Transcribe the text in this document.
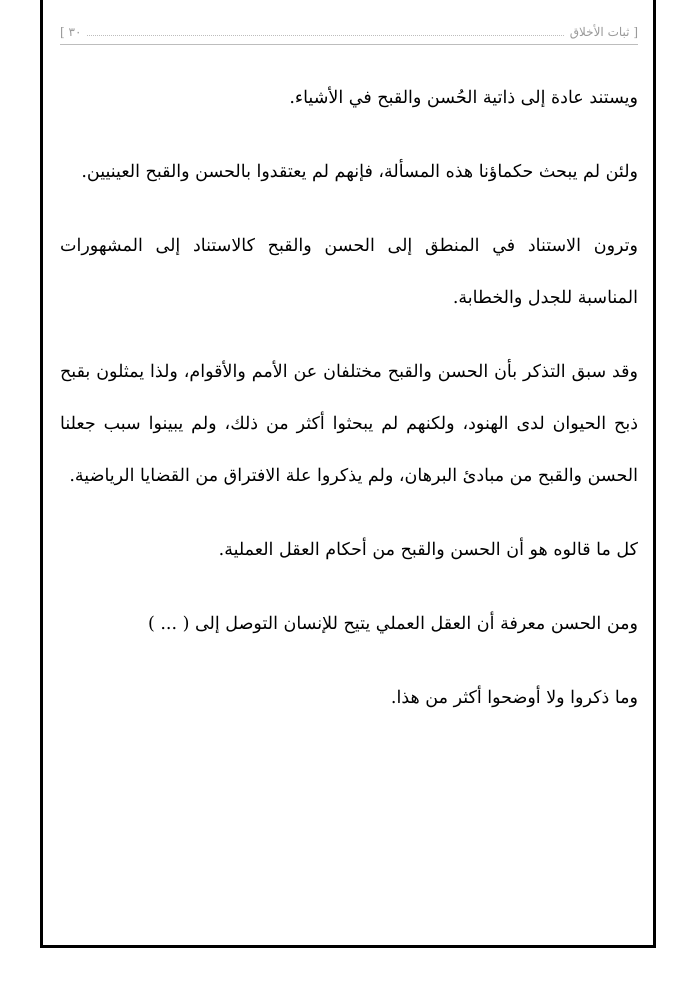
[ ثبات الأخلاق
٣٠ ]

ويستند عادة إلى ذاتية الحُسن والقبح في الأشياء.

ولئن لم يبحث حكماؤنا هذه المسألة، فإنهم لم يعتقدوا بالحسن والقبح العينيين.

وترون الاستناد في المنطق إلى الحسن والقبح كالاستناد إلى المشهورات المناسبة للجدل والخطابة.

وقد سبق التذكر بأن الحسن والقبح مختلفان عن الأمم والأقوام، ولذا يمثلون بقبح ذبح الحيوان لدى الهنود، ولكنهم لم يبحثوا أكثر من ذلك، ولم يبينوا سبب جعلنا الحسن والقبح من مبادئ البرهان، ولم يذكروا علة الافتراق من القضايا الرياضية.

كل ما قالوه هو أن الحسن والقبح من أحكام العقل العملية.

ومن الحسن معرفة أن العقل العملي يتيح للإنسان التوصل إلى ( ... )

وما ذكروا ولا أوضحوا أكثر من هذا.
